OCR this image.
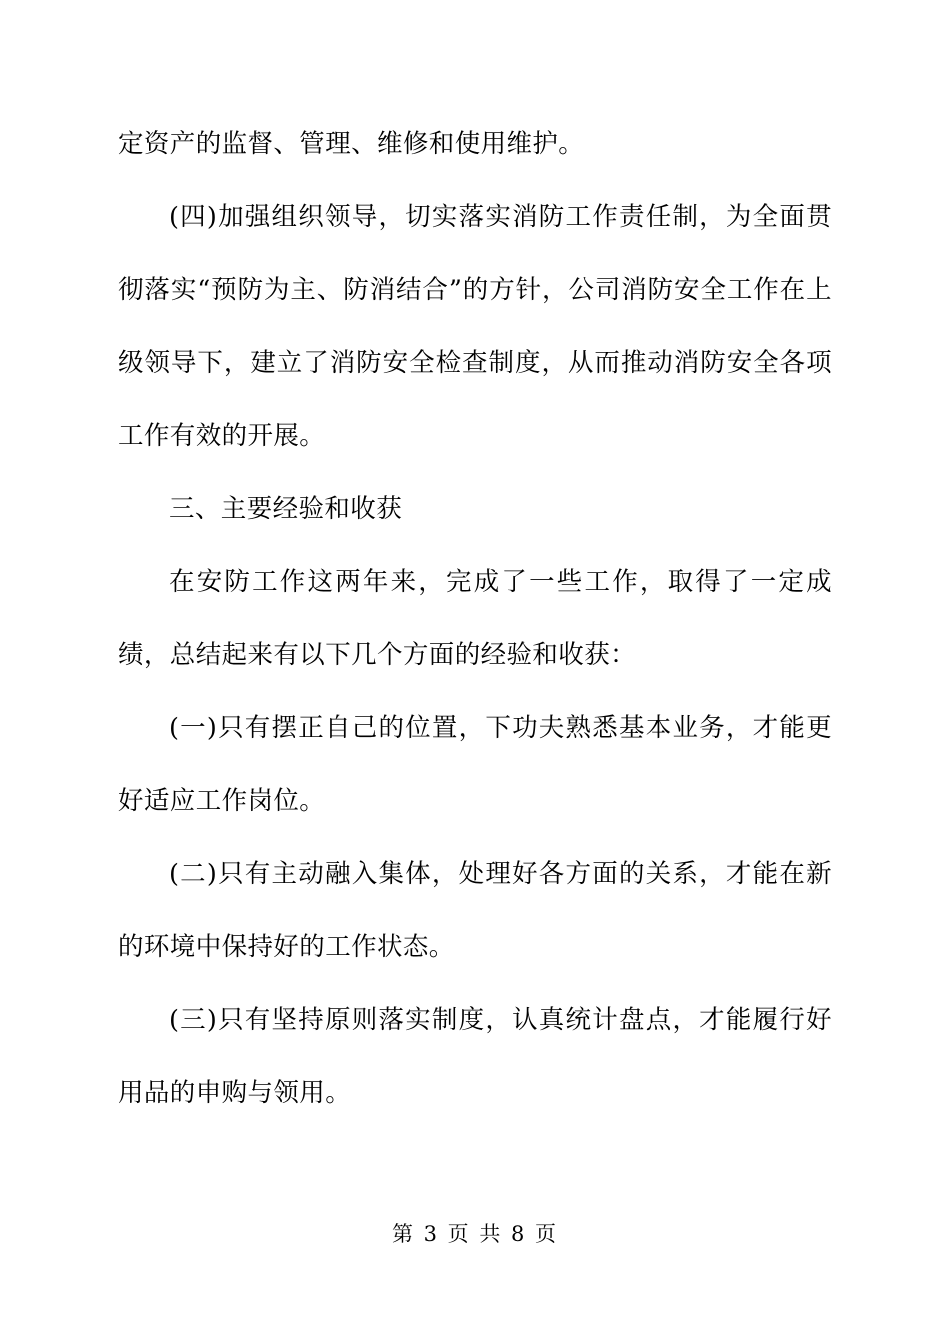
定资产的监督、管理、维修和使用维护。

(四)加强组织领导，切实落实消防工作责任制，为全面贯彻落实“预防为主、防消结合”的方针，公司消防安全工作在上级领导下，建立了消防安全检查制度，从而推动消防安全各项工作有效的开展。

三、主要经验和收获

在安防工作这两年来，完成了一些工作，取得了一定成绩，总结起来有以下几个方面的经验和收获：

(一)只有摆正自己的位置，下功夫熟悉基本业务，才能更好适应工作岗位。

(二)只有主动融入集体，处理好各方面的关系，才能在新的环境中保持好的工作状态。

(三)只有坚持原则落实制度，认真统计盘点，才能履行好用品的申购与领用。

第 3 页 共 8 页
